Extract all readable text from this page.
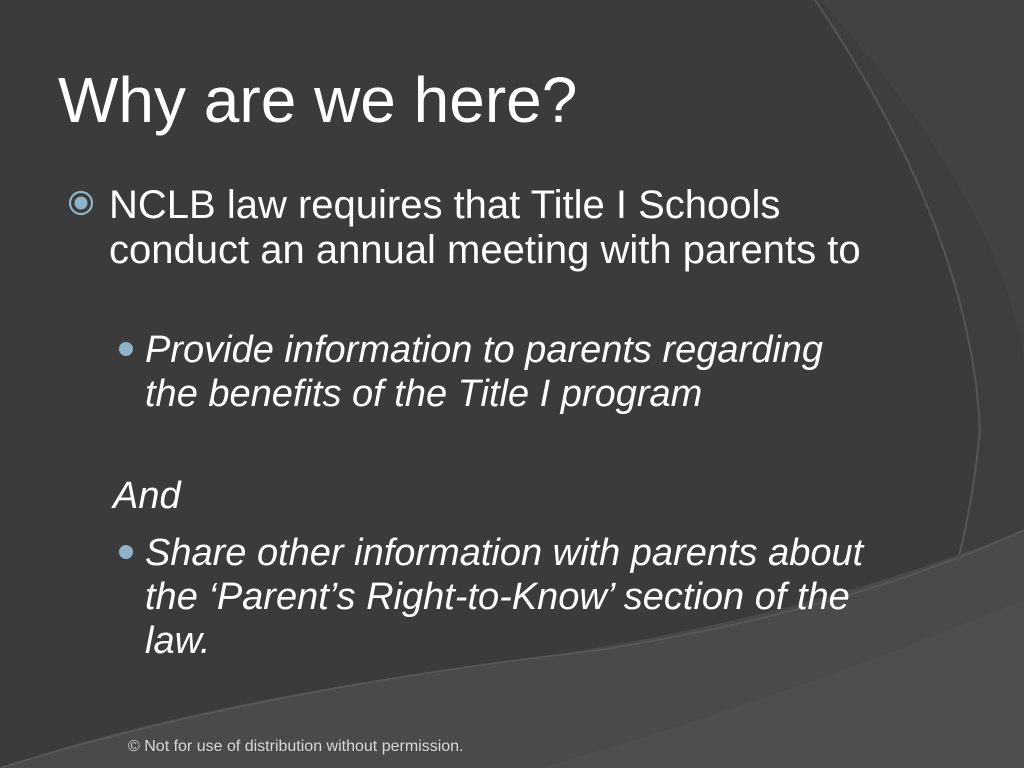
Why are we here?
NCLB law requires that Title I Schools conduct an annual meeting with parents to
Provide information to parents regarding the benefits of the Title I program
And
Share other information with parents about the ‘Parent’s Right-to-Know’ section of the law.
© Not for use of distribution without permission.
